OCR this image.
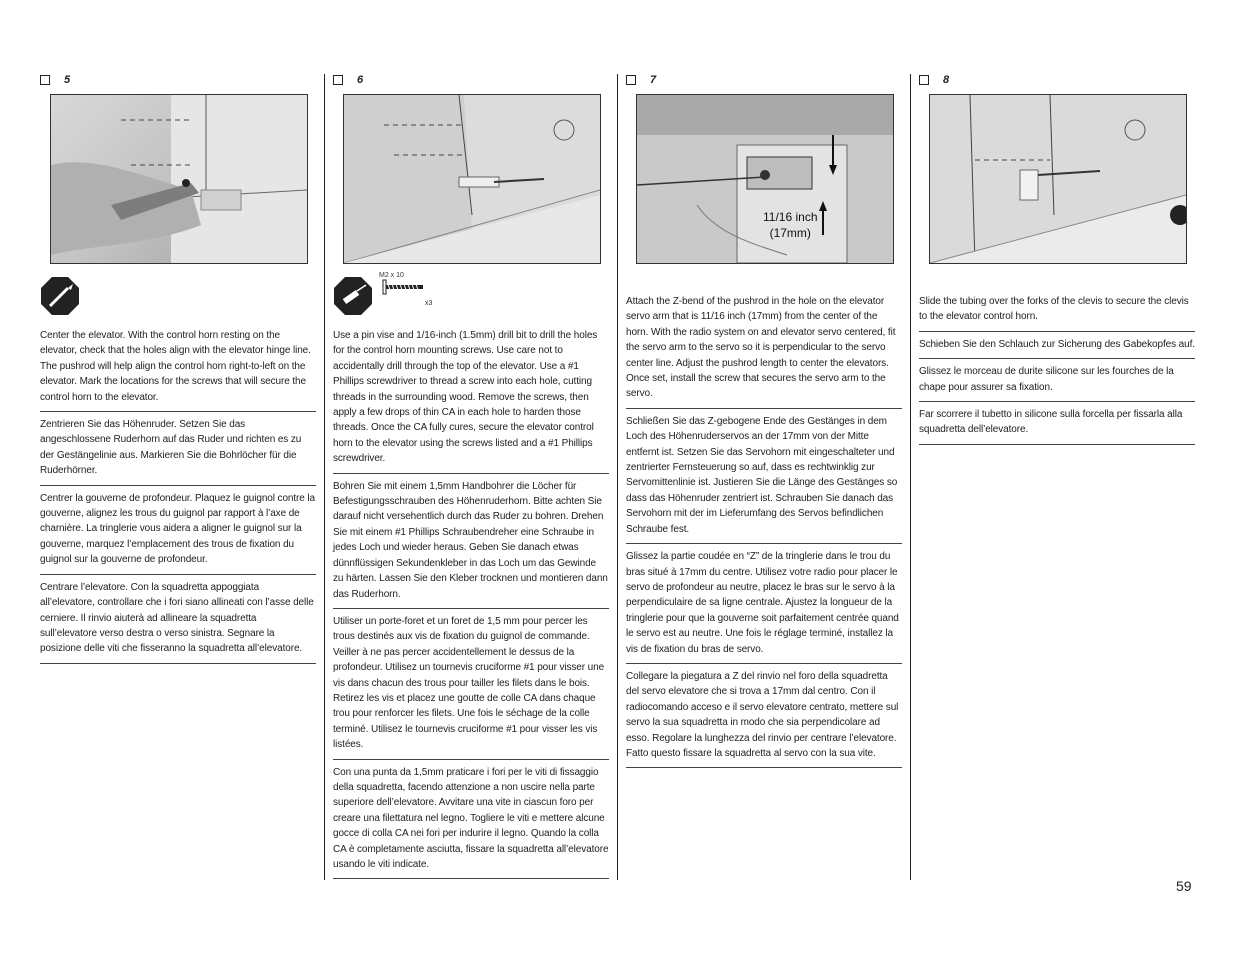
5

Center the elevator. With the control horn resting on the elevator, check that the holes align with the elevator hinge line. The pushrod will help align the control horn right-to-left on the elevator. Mark the locations for the screws that will secure the control horn to the elevator.

Zentrieren Sie das Höhenruder. Setzen Sie das angeschlossene Ruderhorn auf das Ruder und richten es zu der Gestängelinie aus. Markieren Sie die Bohrlöcher für die Ruderhörner.

Centrer la gouverne de profondeur. Plaquez le guignol contre la gouverne, alignez les trous du guignol par rapport à l’axe de charnière. La tringlerie vous aidera a aligner le guignol sur la gouverne, marquez l’emplacement des trous de fixation du guignol sur la gouverne de profondeur.

Centrare l’elevatore. Con la squadretta appoggiata all’elevatore, controllare che i fori siano allineati con l’asse delle cerniere. Il rinvio aiuterà ad allineare la squadretta sull’elevatore verso destra o verso sinistra. Segnare la posizione delle viti che fisseranno la squadretta all’elevatore.

6
M2 x 10
x3

Use a pin vise and 1/16-inch (1.5mm) drill bit to drill the holes for the control horn mounting screws. Use care not to accidentally drill through the top of the elevator. Use a #1 Phillips screwdriver to thread a screw into each hole, cutting threads in the surrounding wood. Remove the screws, then apply a few drops of thin CA in each hole to harden those threads. Once the CA fully cures, secure the elevator control horn to the elevator using the screws listed and a #1 Phillips screwdriver.

Bohren Sie mit einem 1,5mm Handbohrer die Löcher für Befestigungsschrauben des Höhenruderhorn. Bitte achten Sie darauf nicht versehentlich durch das Ruder zu bohren. Drehen Sie mit einem #1 Phillips Schraubendreher eine Schraube in jedes Loch und wieder heraus. Geben Sie danach etwas dünnflüssigen Sekundenkleber in das Loch um das Gewinde zu härten. Lassen Sie den Kleber trocknen und montieren dann das Ruderhorn.

Utiliser un porte-foret et un foret de 1,5 mm pour percer les trous destinés aux vis de fixation du guignol de commande. Veiller à ne pas percer accidentellement le dessus de la profondeur. Utilisez un tournevis cruciforme #1 pour visser une vis dans chacun des trous pour tailler les filets dans le bois. Retirez les vis et placez une goutte de colle CA dans chaque trou pour renforcer les filets. Une fois le séchage de la colle terminé. Utilisez le tournevis cruciforme #1 pour visser les vis listées.

Con una punta da 1,5mm praticare i fori per le viti di fissaggio della squadretta, facendo attenzione a non uscire nella parte superiore dell’elevatore. Avvitare una vite in ciascun foro per creare una filettatura nel legno. Togliere le viti e mettere alcune gocce di colla CA nei fori per indurire il legno. Quando la colla CA è completamente asciutta, fissare la squadretta all’elevatore usando le viti indicate.

7
11/16 inch
(17mm)

Attach the Z-bend of the pushrod in the hole on the elevator servo arm that is 11/16 inch (17mm) from the center of the horn. With the radio system on and elevator servo centered, fit the servo arm to the servo so it is perpendicular to the servo center line. Adjust the pushrod length to center the elevators. Once set, install the screw that secures the servo arm to the servo.

Schließen Sie das Z-gebogene Ende des Gestänges in dem Loch des Höhenruderservos an der 17mm von der Mitte entfernt ist. Setzen Sie das Servohorn mit eingeschalteter und zentrierter Fernsteuerung so auf, dass es rechtwinklig zur Servomittenlinie ist. Justieren Sie die Länge des Gestänges so dass das Höhenruder zentriert ist. Schrauben Sie danach das Servohorn mit der im Lieferumfang des Servos befindlichen Schraube fest.

Glissez la partie coudée en “Z” de la tringlerie dans le trou du bras situé à 17mm du centre. Utilisez votre radio pour placer le servo de profondeur au neutre, placez le bras sur le servo à la perpendiculaire de sa ligne centrale. Ajustez la longueur de la tringlerie pour que la gouverne soit parfaitement centrée quand le servo est au neutre. Une fois le réglage terminé, installez la vis de fixation du bras de servo.

Collegare la piegatura a Z del rinvio nel foro della squadretta del servo elevatore che si trova a 17mm dal centro. Con il radiocomando acceso e il servo elevatore centrato, mettere sul servo la sua squadretta in modo che sia perpendicolare ad esso. Regolare la lunghezza del rinvio per centrare l’elevatore. Fatto questo fissare la squadretta al servo con la sua vite.

8

Slide the tubing over the forks of the clevis to secure the clevis to the elevator control horn.

Schieben Sie den Schlauch zur Sicherung des Gabekopfes auf.

Glissez le morceau de durite silicone sur les fourches de la chape pour assurer sa fixation.

Far scorrere il tubetto in silicone sulla forcella per fissarla alla squadretta dell’elevatore.

59
